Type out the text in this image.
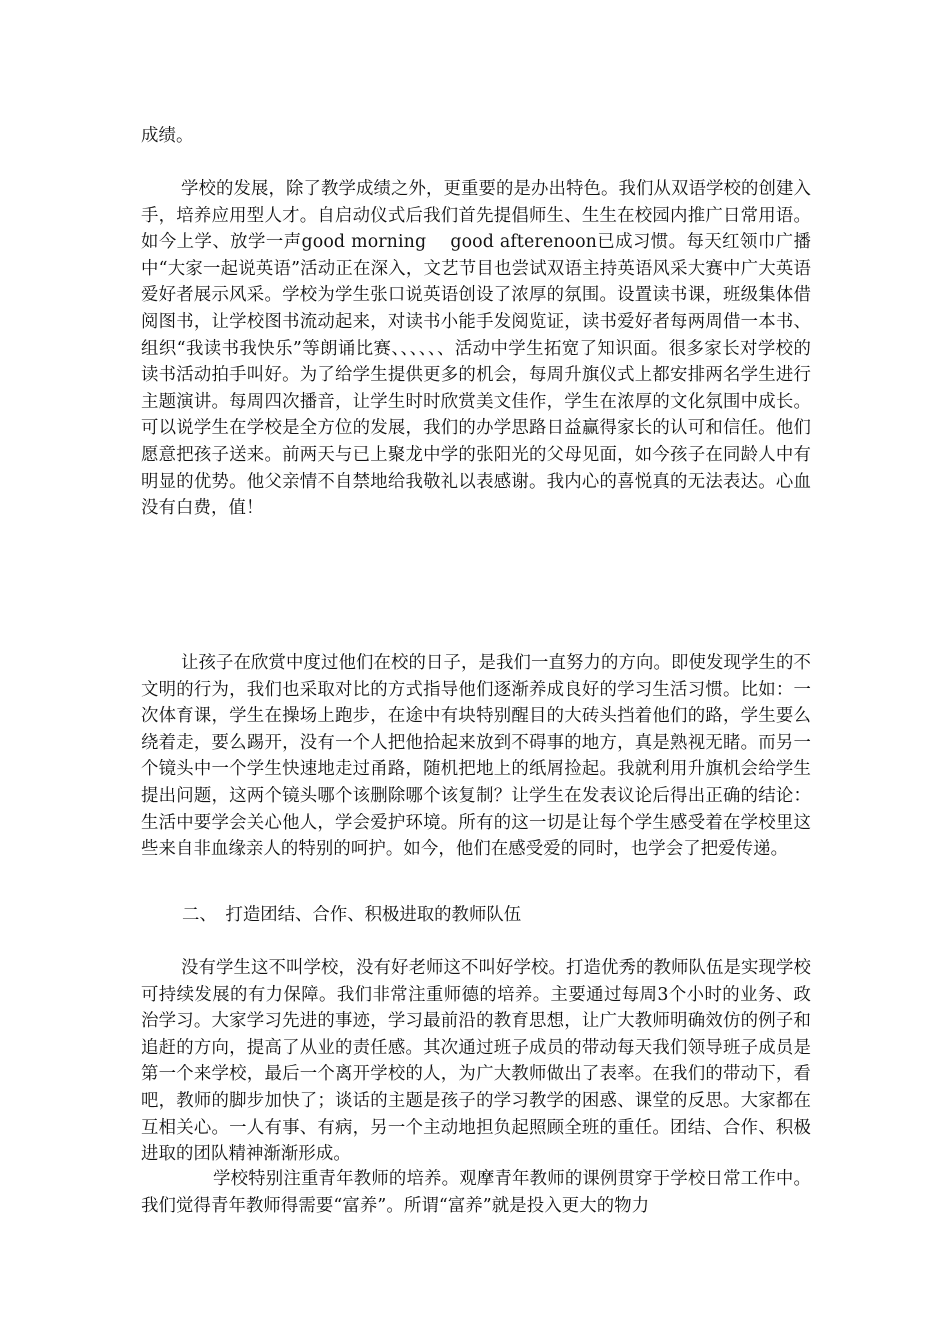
成绩。

学校的发展，除了教学成绩之外，更重要的是办出特色。我们从双语学校的创建入手，培养应用型人才。自启动仪式后我们首先提倡师生、生生在校园内推广日常用语。如今上学、放学一声good morning　 good afterenoon已成习惯。每天红领巾广播中“大家一起说英语”活动正在深入，文艺节目也尝试双语主持英语风采大赛中广大英语爱好者展示风采。学校为学生张口说英语创设了浓厚的氛围。设置读书课，班级集体借阅图书，让学校图书流动起来，对读书小能手发阅览证，读书爱好者每两周借一本书、组织“我读书我快乐”等朗诵比赛、、、、、、活动中学生拓宽了知识面。很多家长对学校的读书活动拍手叫好。为了给学生提供更多的机会，每周升旗仪式上都安排两名学生进行主题演讲。每周四次播音，让学生时时欣赏美文佳作，学生在浓厚的文化氛围中成长。可以说学生在学校是全方位的发展，我们的办学思路日益赢得家长的认可和信任。他们愿意把孩子送来。前两天与已上聚龙中学的张阳光的父母见面，如今孩子在同龄人中有明显的优势。他父亲情不自禁地给我敬礼以表感谢。我内心的喜悦真的无法表达。心血没有白费，值！

让孩子在欣赏中度过他们在校的日子，是我们一直努力的方向。即使发现学生的不文明的行为，我们也采取对比的方式指导他们逐渐养成良好的学习生活习惯。比如：一次体育课，学生在操场上跑步，在途中有块特别醒目的大砖头挡着他们的路，学生要么绕着走，要么踢开，没有一个人把他拾起来放到不碍事的地方，真是熟视无睹。而另一个镜头中一个学生快速地走过甬路，随机把地上的纸屑捡起。我就利用升旗机会给学生提出问题，这两个镜头哪个该删除哪个该复制？让学生在发表议论后得出正确的结论：生活中要学会关心他人，学会爱护环境。所有的这一切是让每个学生感受着在学校里这些来自非血缘亲人的特别的呵护。如今，他们在感受爱的同时，也学会了把爱传递。

二、　打造团结、合作、积极进取的教师队伍

没有学生这不叫学校，没有好老师这不叫好学校。打造优秀的教师队伍是实现学校可持续发展的有力保障。我们非常注重师德的培养。主要通过每周3个小时的业务、政治学习。大家学习先进的事迹，学习最前沿的教育思想，让广大教师明确效仿的例子和追赶的方向，提高了从业的责任感。其次通过班子成员的带动每天我们领导班子成员是第一个来学校，最后一个离开学校的人，为广大教师做出了表率。在我们的带动下，看吧，教师的脚步加快了；谈话的主题是孩子的学习教学的困惑、课堂的反思。大家都在互相关心。一人有事、有病，另一个主动地担负起照顾全班的重任。团结、合作、积极进取的团队精神渐渐形成。

学校特别注重青年教师的培养。观摩青年教师的课例贯穿于学校日常工作中。我们觉得青年教师得需要“富养”。所谓“富养”就是投入更大的物力
